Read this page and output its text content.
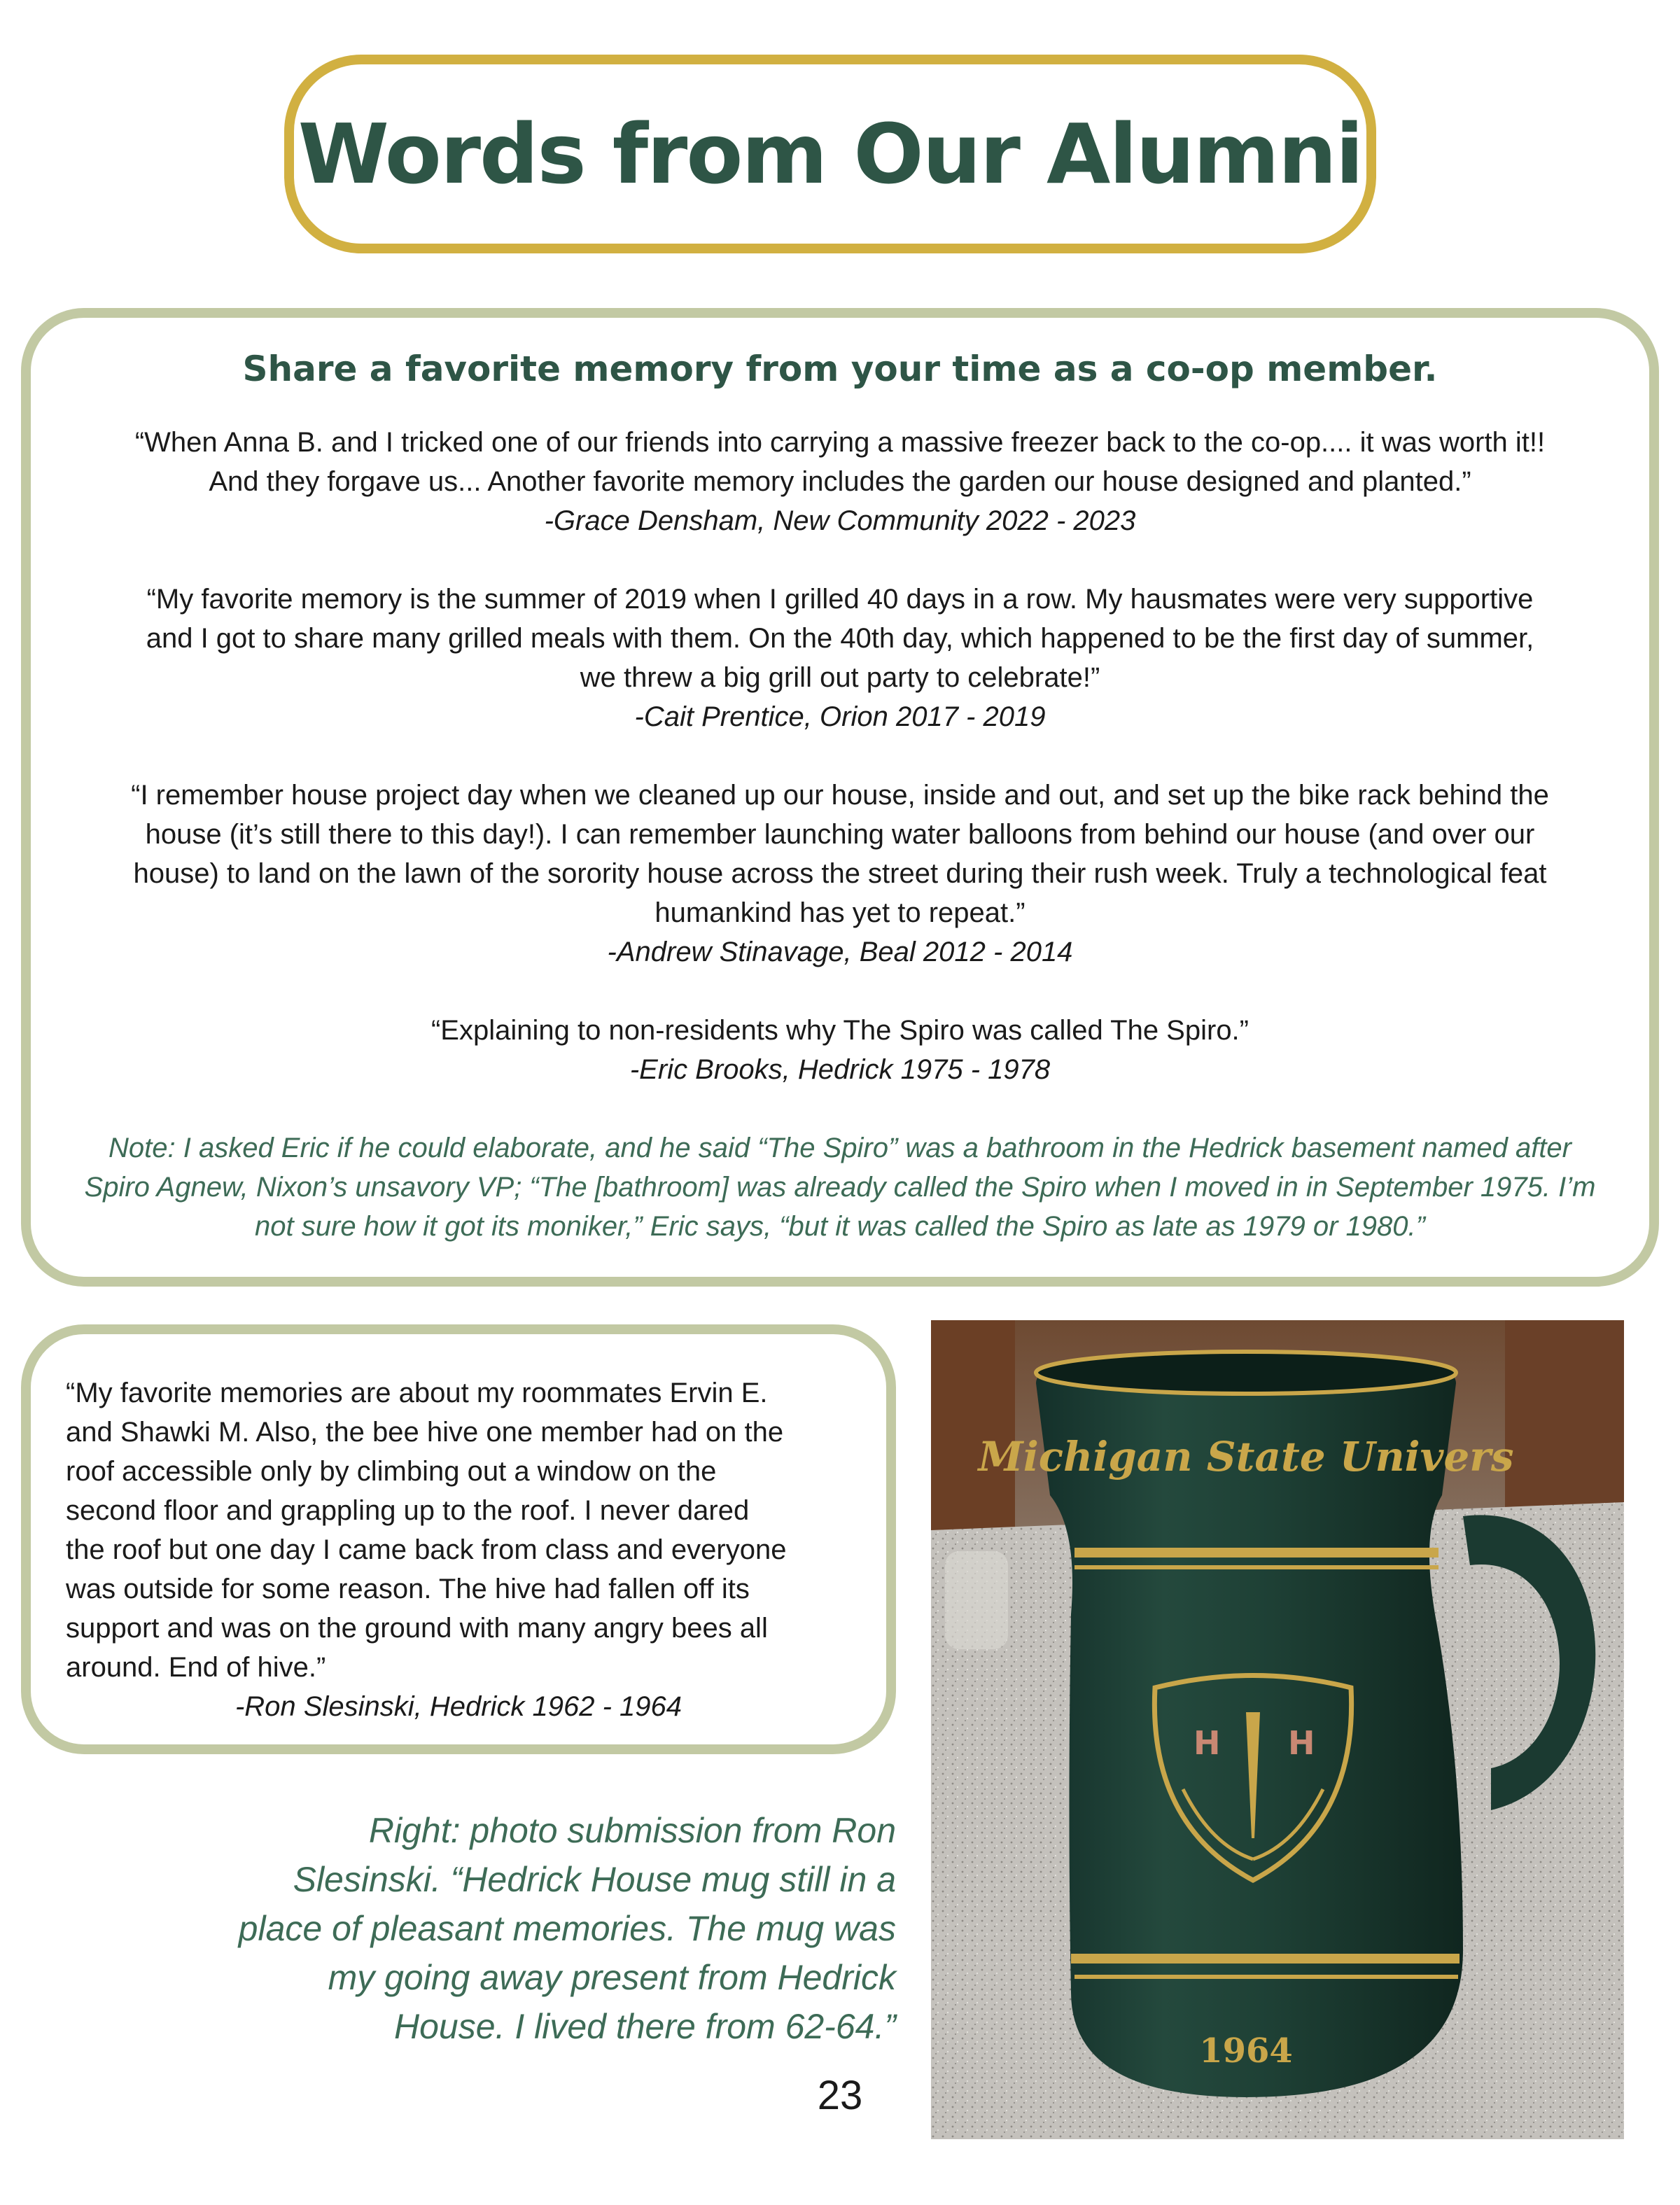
Words from Our Alumni
Share a favorite memory from your time as a co-op member.

“When Anna B. and I tricked one of our friends into carrying a massive freezer back to the co-op.... it was worth it!!

And they forgave us... Another favorite memory includes the garden our house designed and planted.”

-Grace Densham, New Community 2022 - 2023

“My favorite memory is the summer of 2019 when I grilled 40 days in a row. My hausmates were very supportive

and I got to share many grilled meals with them. On the 40th day, which happened to be the first day of summer,

we threw a big grill out party to celebrate!”

-Cait Prentice, Orion 2017 - 2019

“I remember house project day when we cleaned up our house, inside and out, and set up the bike rack behind the

house (it’s still there to this day!). I can remember launching water balloons from behind our house (and over our

house) to land on the lawn of the sorority house across the street during their rush week. Truly a technological feat

humankind has yet to repeat.”

-Andrew Stinavage, Beal 2012 - 2014

“Explaining to non-residents why The Spiro was called The Spiro.”

-Eric Brooks, Hedrick 1975 - 1978

Note: I asked Eric if he could elaborate, and he said “The Spiro” was a bathroom in the Hedrick basement named after

Spiro Agnew, Nixon’s unsavory VP; “The [bathroom] was already called the Spiro when I moved in in September 1975. I’m

not sure how it got its moniker,” Eric says, “but it was called the Spiro as late as 1979 or 1980.”

“My favorite memories are about my roommates Ervin E.

and Shawki M. Also, the bee hive one member had on the

roof accessible only by climbing out a window on the

second floor and grappling up to the roof. I never dared

the roof but one day I came back from class and everyone

was outside for some reason. The hive had fallen off its

support and was on the ground with many angry bees all

around. End of hive.”

-Ron Slesinski, Hedrick 1962 - 1964

Right: photo submission from Ron
Slesinski. “Hedrick House mug still in a
place of pleasant memories. The mug was
my going away present from Hedrick
House. I lived there from 62-64.”
Michigan State Univers
H H
1964
23
